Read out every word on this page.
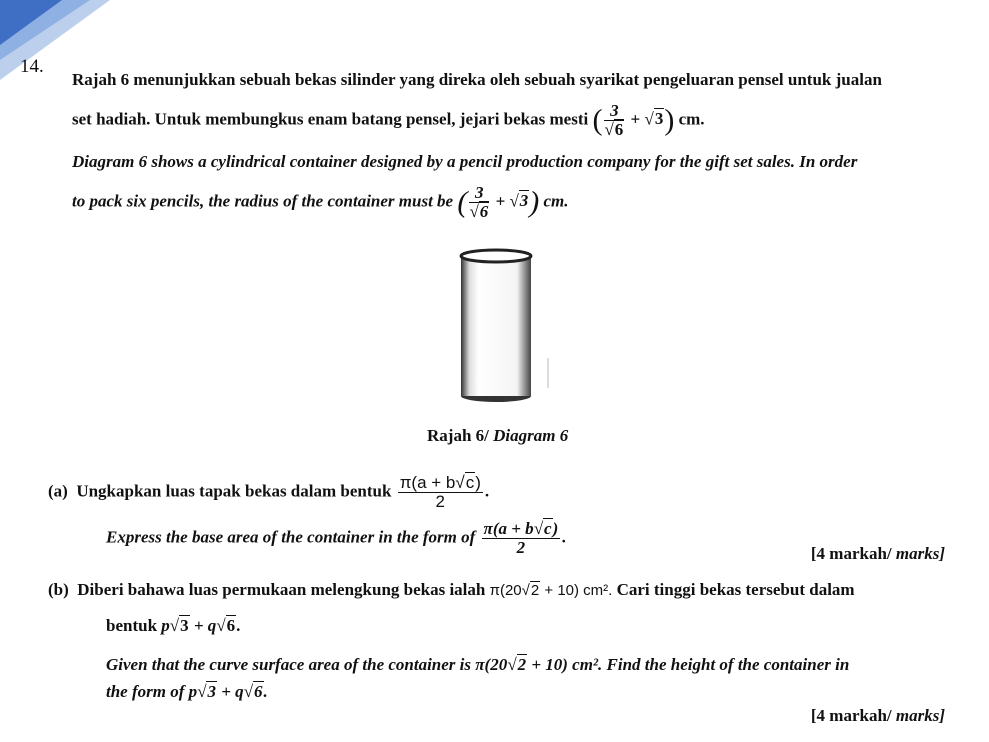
14.
Rajah 6 menunjukkan sebuah bekas silinder yang direka oleh sebuah syarikat pengeluaran pensel untuk jualan
set hadiah. Untuk membungkus enam batang pensel, jejari bekas mesti ( $\frac{3}{√6} + √3$) cm.
Diagram 6 shows a cylindrical container designed by a pencil production company for the gift set sales. In order
to pack six pencils, the radius of the container must be ( $\frac{3}{√6} + √3$) cm.
Rajah 6/ Diagram 6
(a) Ungkapkan luas tapak bekas dalam bentuk $\frac{\pi(a + b√c)}{2}$ .
Express the base area of the container in the form of $\frac{\pi(a + b√c)}{2}$ .
[4 markah/ marks]
(b) Diberi bahawa luas permukaan melengkung bekas ialah π(20√2 + 10) cm². Cari tinggi bekas tersebut dalam
bentuk p√3 + q√6.
Given that the curve surface area of the container is π(20√2 + 10) cm². Find the height of the container in
the form of p√3 + q√6.
[4 markah/ marks]
